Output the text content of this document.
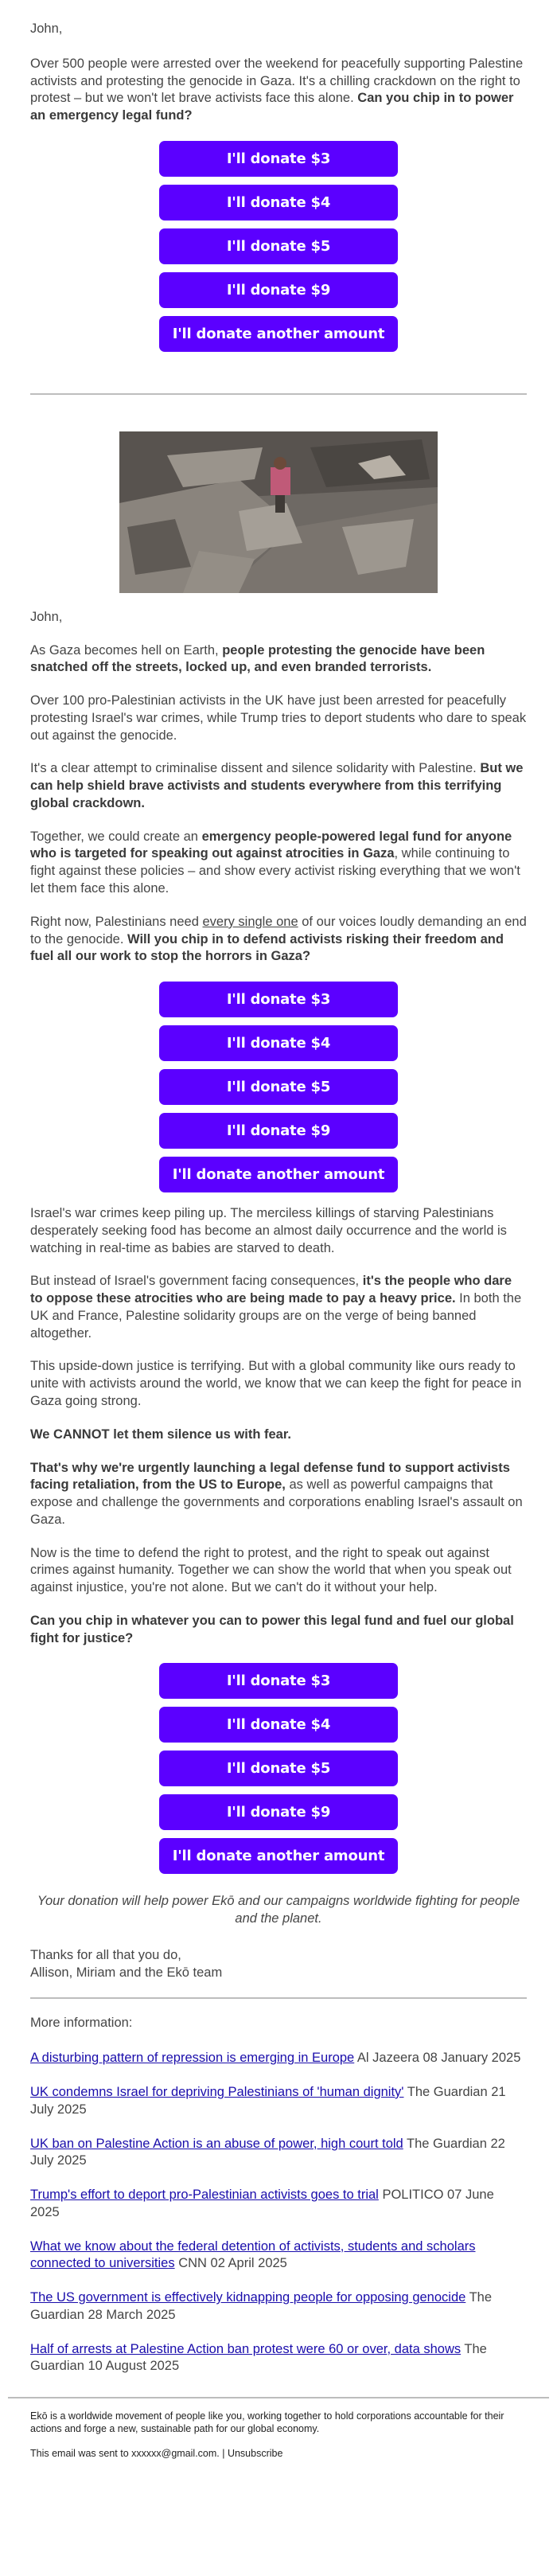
John,

Over 500 people were arrested over the weekend for peacefully supporting Palestine activists and protesting the genocide in Gaza. It's a chilling crackdown on the right to protest – but we won't let brave activists face this alone. Can you chip in to power an emergency legal fund?

I'll donate $3
I'll donate $4
I'll donate $5
I'll donate $9
I'll donate another amount

John,

As Gaza becomes hell on Earth, people protesting the genocide have been snatched off the streets, locked up, and even branded terrorists.

Over 100 pro-Palestinian activists in the UK have just been arrested for peacefully protesting Israel's war crimes, while Trump tries to deport students who dare to speak out against the genocide.

It's a clear attempt to criminalise dissent and silence solidarity with Palestine. But we can help shield brave activists and students everywhere from this terrifying global crackdown.

Together, we could create an emergency people-powered legal fund for anyone who is targeted for speaking out against atrocities in Gaza, while continuing to fight against these policies – and show every activist risking everything that we won't let them face this alone.

Right now, Palestinians need every single one of our voices loudly demanding an end to the genocide. Will you chip in to defend activists risking their freedom and fuel all our work to stop the horrors in Gaza?

I'll donate $3
I'll donate $4
I'll donate $5
I'll donate $9
I'll donate another amount

Israel's war crimes keep piling up. The merciless killings of starving Palestinians desperately seeking food has become an almost daily occurrence and the world is watching in real-time as babies are starved to death.

But instead of Israel's government facing consequences, it's the people who dare to oppose these atrocities who are being made to pay a heavy price. In both the UK and France, Palestine solidarity groups are on the verge of being banned altogether.

This upside-down justice is terrifying. But with a global community like ours ready to unite with activists around the world, we know that we can keep the fight for peace in Gaza going strong.

We CANNOT let them silence us with fear.

That's why we're urgently launching a legal defense fund to support activists facing retaliation, from the US to Europe, as well as powerful campaigns that expose and challenge the governments and corporations enabling Israel's assault on Gaza.

Now is the time to defend the right to protest, and the right to speak out against crimes against humanity. Together we can show the world that when you speak out against injustice, you're not alone. But we can't do it without your help.

Can you chip in whatever you can to power this legal fund and fuel our global fight for justice?

I'll donate $3
I'll donate $4
I'll donate $5
I'll donate $9
I'll donate another amount

Your donation will help power Ekō and our campaigns worldwide fighting for people and the planet.

Thanks for all that you do,

Allison, Miriam and the Ekō team

More information:

A disturbing pattern of repression is emerging in Europe Al Jazeera 08 January 2025

UK condemns Israel for depriving Palestinians of 'human dignity' The Guardian 21 July 2025

UK ban on Palestine Action is an abuse of power, high court told The Guardian 22 July 2025

Trump's effort to deport pro-Palestinian activists goes to trial POLITICO 07 June 2025

What we know about the federal detention of activists, students and scholars connected to universities CNN 02 April 2025

The US government is effectively kidnapping people for opposing genocide The Guardian 28 March 2025

Half of arrests at Palestine Action ban protest were 60 or over, data shows The Guardian 10 August 2025

Ekō is a worldwide movement of people like you, working together to hold corporations accountable for their actions and forge a new, sustainable path for our global economy.
This email was sent to xxxxxx@gmail.com. | Unsubscribe
